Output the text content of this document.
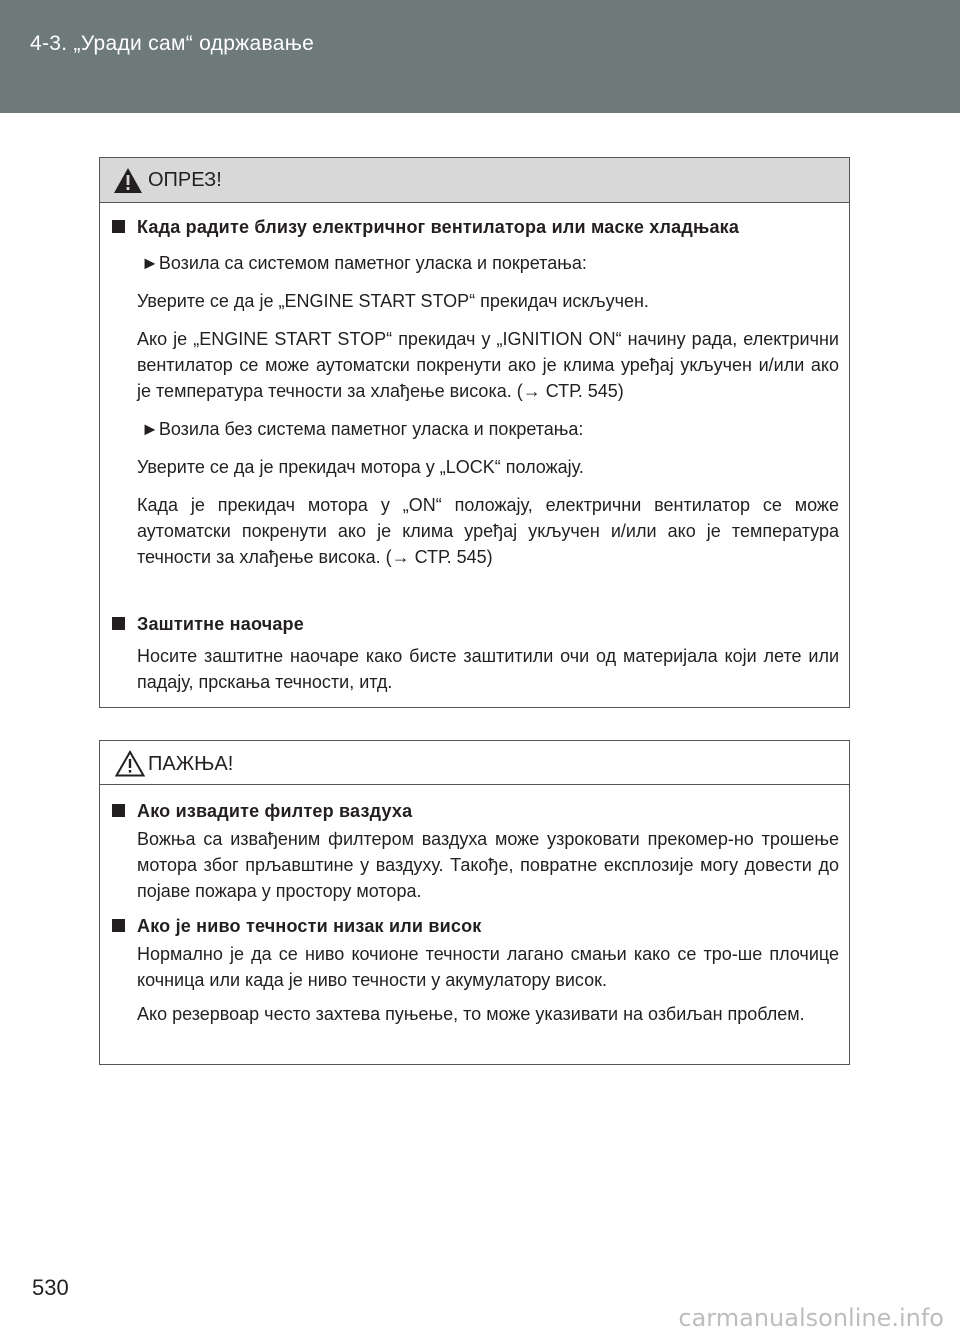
4-3. „Уради сам“ одржавање
ОПРЕЗ!
Када радите близу електричног вентилатора или маске хладњака
►Возила са системом паметног уласка и покретања:
Уверите се да је „ENGINE START STOP“ прекидач искључен.
Ако је „ENGINE START STOP“ прекидач у „IGNITION ON“ начину рада, електрични вентилатор се може аутоматски покренути ако је клима уређај укључен и/или ако је температура течности за хлађење висока. (→ СТР. 545)
►Возила без система паметног уласка и покретања:
Уверите се да је прекидач мотора у „LOCK“ положају.
Када је прекидач мотора у „ON“ положају, електрични вентилатор се може аутоматски покренути ако је клима уређај укључен и/или ако је температура течности за хлађење висока. (→ СТР. 545)
Заштитне наочаре
Носите заштитне наочаре како бисте заштитили очи од материјала који лете или падају, прскања течности, итд.
ПАЖЊА!
Ако извадите филтер ваздуха
Вожња са извађеним филтером ваздуха може узроковати прекомер-но трошење мотора због прљавштине у ваздуху. Такође, повратне експлозије могу довести до појаве пожара у простору мотора.
Ако је ниво течности низак или висок
Нормално је да се ниво кочионе течности лагано смањи како се тро-ше плочице кочница или када је ниво течности у акумулатору висок.
Ако резервоар често захтева пуњење, то може указивати на озбиљан проблем.
530
carmanualsonline.info
